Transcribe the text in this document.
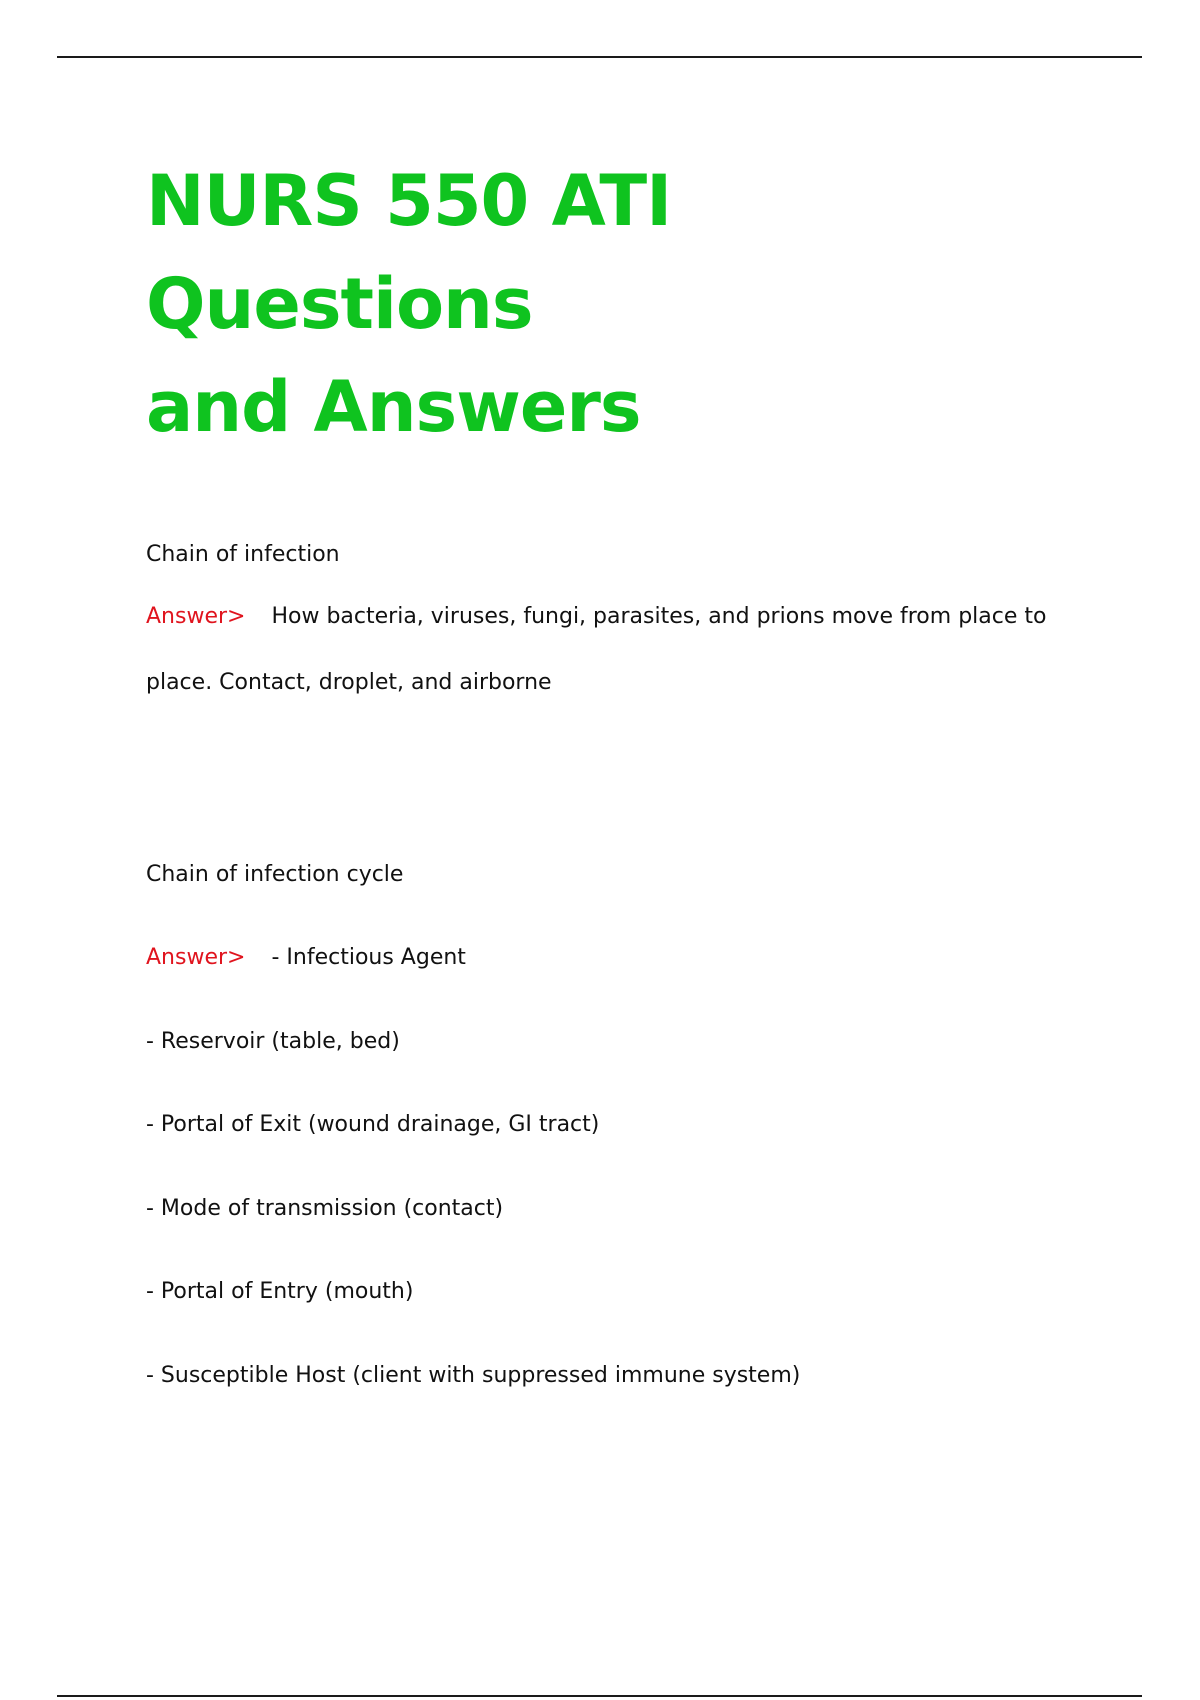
NURS 550 ATI Questions
and Answers

Chain of infection

Answer> How bacteria, viruses, fungi, parasites, and prions move from place to

place. Contact, droplet, and airborne

Chain of infection cycle

Answer> - Infectious Agent

- Reservoir (table, bed)

- Portal of Exit (wound drainage, GI tract)

- Mode of transmission (contact)

- Portal of Entry (mouth)

- Susceptible Host (client with suppressed immune system)
